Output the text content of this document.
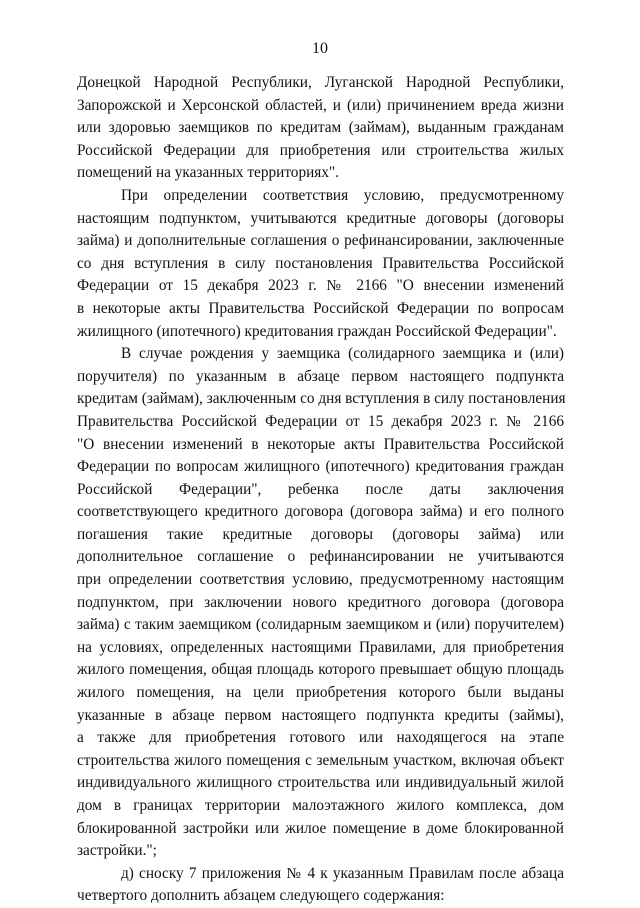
10
Донецкой Народной Республики, Луганской Народной Республики,
Запорожской и Херсонской областей, и (или) причинением вреда жизни
или здоровью заемщиков по кредитам (займам), выданным гражданам
Российской Федерации для приобретения или строительства жилых
помещений на указанных территориях".
При определении соответствия условию, предусмотренному
настоящим подпунктом, учитываются кредитные договоры (договоры
займа) и дополнительные соглашения о рефинансировании, заключенные
со дня вступления в силу постановления Правительства Российской
Федерации от 15 декабря 2023 г. № 2166 "О внесении изменений
в некоторые акты Правительства Российской Федерации по вопросам
жилищного (ипотечного) кредитования граждан Российской Федерации".
В случае рождения у заемщика (солидарного заемщика и (или)
поручителя) по указанным в абзаце первом настоящего подпункта
кредитам (займам), заключенным со дня вступления в силу постановления
Правительства Российской Федерации от 15 декабря 2023 г. № 2166
"О внесении изменений в некоторые акты Правительства Российской
Федерации по вопросам жилищного (ипотечного) кредитования граждан
Российской Федерации", ребенка после даты заключения
соответствующего кредитного договора (договора займа) и его полного
погашения такие кредитные договоры (договоры займа) или
дополнительное соглашение о рефинансировании не учитываются
при определении соответствия условию, предусмотренному настоящим
подпунктом, при заключении нового кредитного договора (договора
займа) с таким заемщиком (солидарным заемщиком и (или) поручителем)
на условиях, определенных настоящими Правилами, для приобретения
жилого помещения, общая площадь которого превышает общую площадь
жилого помещения, на цели приобретения которого были выданы
указанные в абзаце первом настоящего подпункта кредиты (займы),
а также для приобретения готового или находящегося на этапе
строительства жилого помещения с земельным участком, включая объект
индивидуального жилищного строительства или индивидуальный жилой
дом в границах территории малоэтажного жилого комплекса, дом
блокированной застройки или жилое помещение в доме блокированной
застройки.";
д) сноску 7 приложения № 4 к указанным Правилам после абзаца
четвертого дополнить абзацем следующего содержания:
